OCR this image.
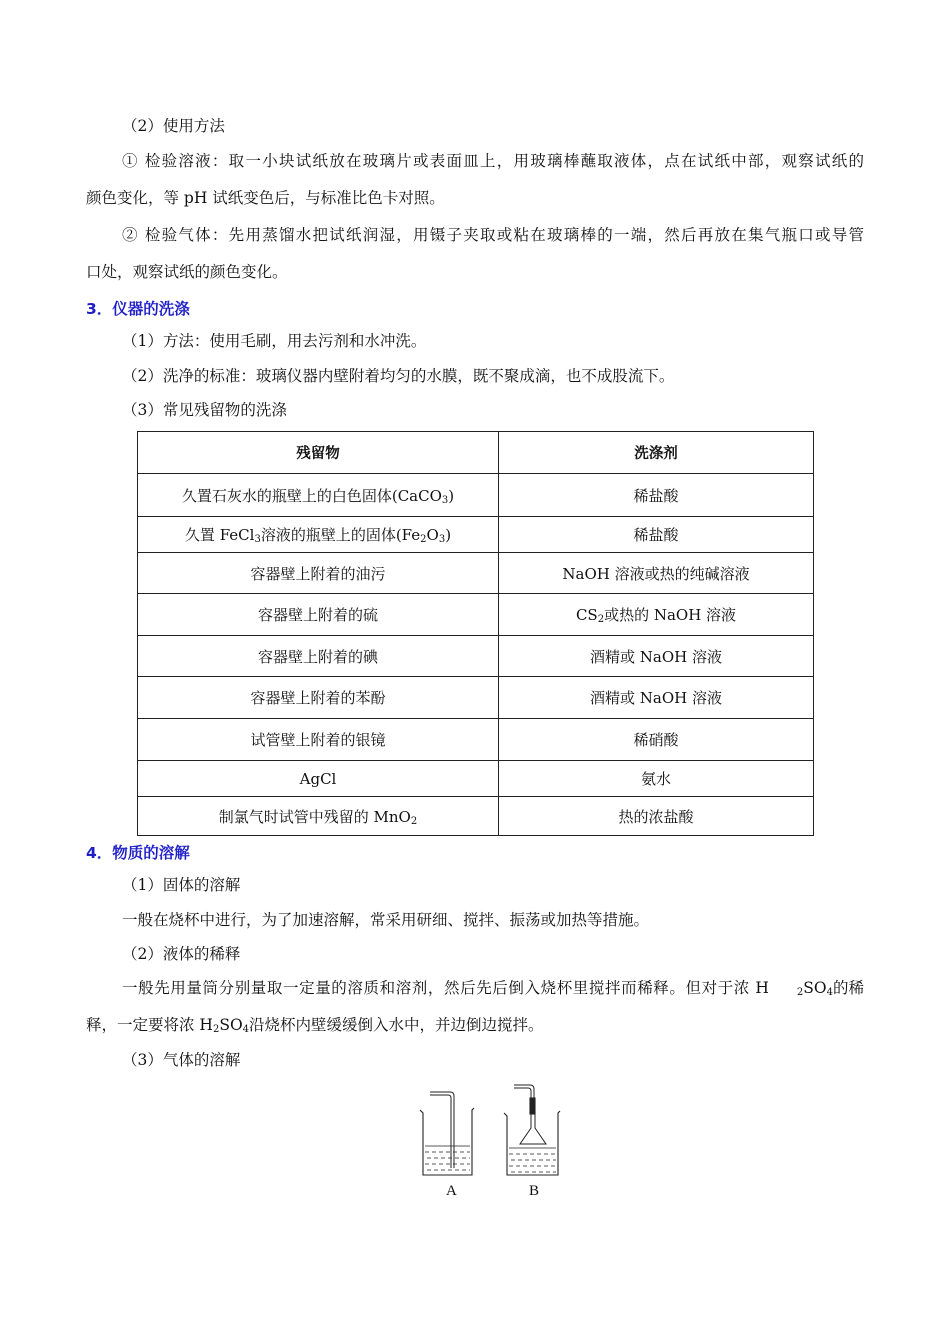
（2）使用方法
① 检验溶液：取一小块试纸放在玻璃片或表面皿上，用玻璃棒蘸取液体，点在试纸中部，观察试纸的
颜色变化，等 pH 试纸变色后，与标准比色卡对照。
② 检验气体：先用蒸馏水把试纸润湿，用镊子夹取或粘在玻璃棒的一端，然后再放在集气瓶口或导管
口处，观察试纸的颜色变化。
3．仪器的洗涤
（1）方法：使用毛刷，用去污剂和水冲洗。
（2）洗净的标准：玻璃仪器内壁附着均匀的水膜，既不聚成滴，也不成股流下。
（3）常见残留物的洗涤
残留物	洗涤剂
久置石灰水的瓶壁上的白色固体(CaCO$_3$)	稀盐酸
久置 FeCl$_3$溶液的瓶壁上的固体$(Fe_2O_3)$	稀盐酸
容器壁上附着的油污	NaOH 溶液或热的纯碱溶液
容器壁上附着的硫	$CS_2$或热的 NaOH 溶液
容器壁上附着的碘	酒精或 NaOH 溶液
容器壁上附着的苯酚	酒精或 NaOH 溶液
试管壁上附着的银镜	稀硝酸
AgCl	氨水
制氯气时试管中残留的 MnO$_2$	热的浓盐酸
4．物质的溶解
（1）固体的溶解
一般在烧杯中进行，为了加速溶解，常采用研细、搅拌、振荡或加热等措施。
（2）液体的稀释
一般先用量筒分别量取一定量的溶质和溶剂，然后先后倒入烧杯里搅拌而稀释。但对于浓 H	$_2SO_4$的稀
释，一定要将浓 $H_2SO_4$沿烧杯内壁缓缓倒入水中，并边倒边搅拌。
（3）气体的溶解
A	B
